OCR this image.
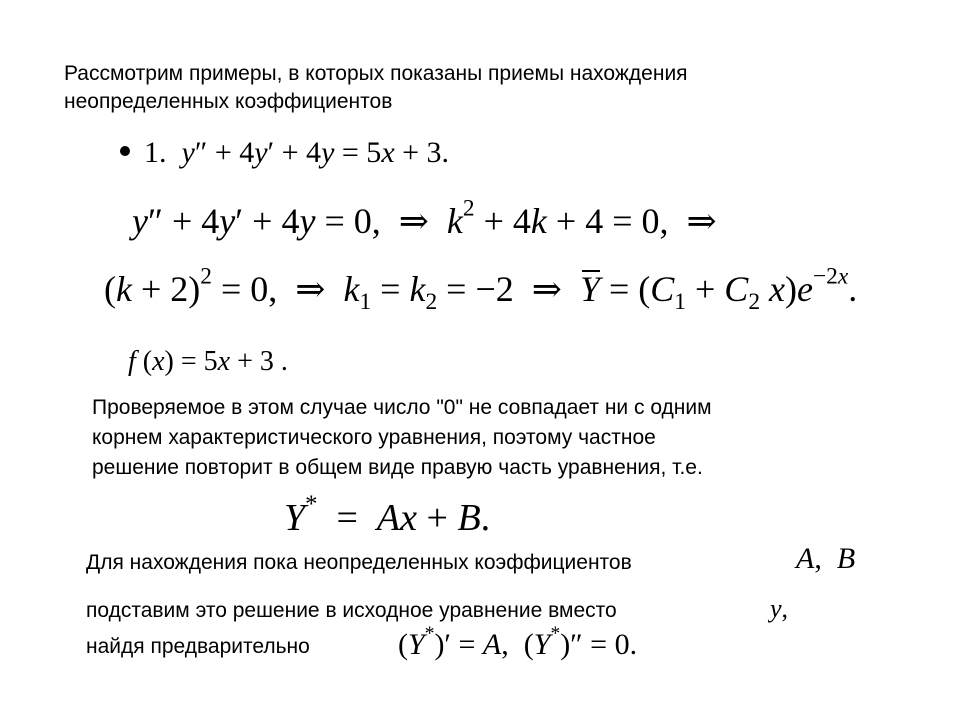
Рассмотрим примеры, в которых показаны приемы нахождения
неопределенных коэффициентов
1. y″ + 4y′ + 4y = 5x + 3.
y″ + 4y′ + 4y = 0, ⇒ $k^2 + 4k + 4 = 0$, ⇒
$(k + 2)^2 = 0$, ⇒ $k_1 = k_2 = -2$ ⇒ $Y = (C_1 + C_2$ $x)e^{-2x}$.
f (x) = 5x + 3 .
Проверяемое в этом случае число "0" не совпадает ни с одним
корнем характеристического уравнения, поэтому частное
решение повторит в общем виде правую часть уравнения, т.е.
Y*  =  Ax + B.
Для нахождения пока неопределенных коэффициентов	A,  B
подставим это решение в исходное уравнение вместо	y,
найдя предварительно	(Y*)′ = A,  (Y*)″ = 0.
